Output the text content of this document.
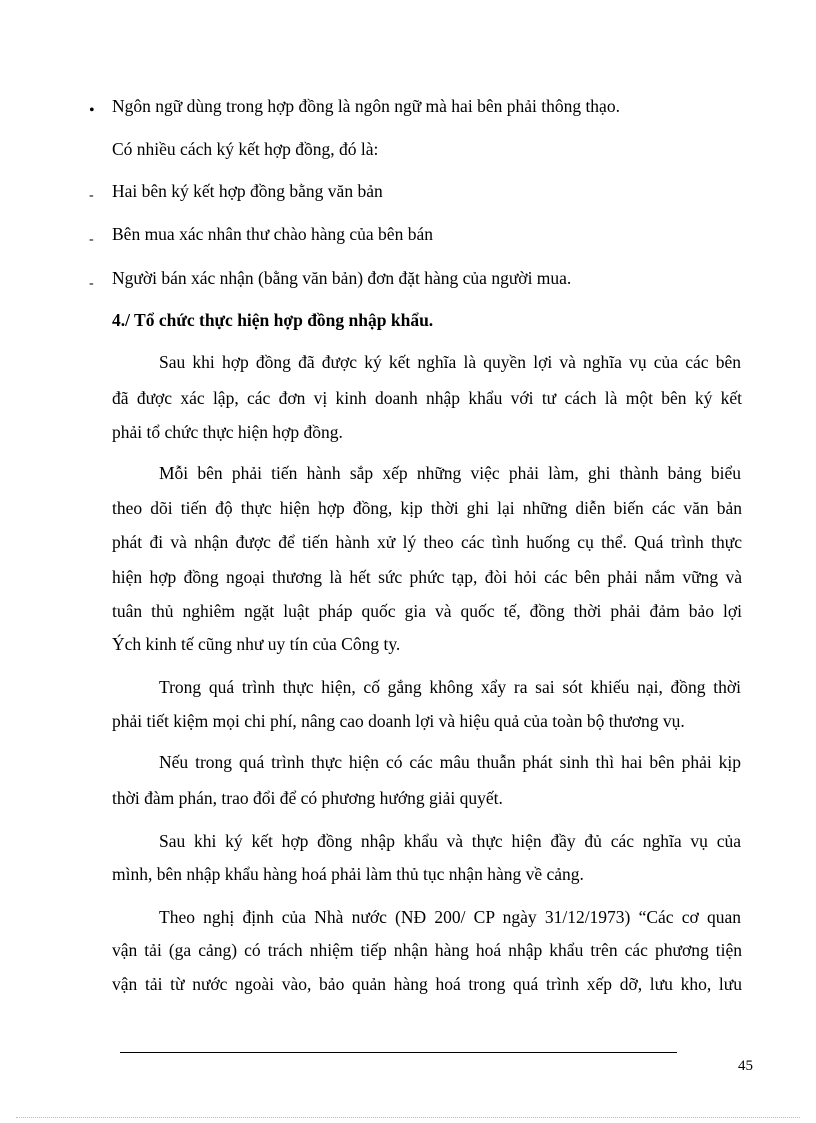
• Ngôn ngữ dùng trong hợp đồng là ngôn ngữ mà hai bên phải thông thạo.
Có nhiều cách ký kết hợp đồng, đó là:
- Hai bên ký kết hợp đồng bằng văn bản
- Bên mua xác nhân thư chào hàng của bên bán
- Người bán xác nhận (bằng văn bản) đơn đặt hàng của người mua.
4./ Tổ chức thực hiện hợp đồng nhập khẩu.
Sau khi hợp đồng đã được ký kết nghĩa là quyền lợi và nghĩa vụ của các bên
đã được xác lập, các đơn vị kinh doanh nhập khẩu với tư cách là một bên ký kết
phải tổ chức thực hiện hợp đồng.
Mỗi bên phải tiến hành sắp xếp những việc phải làm, ghi thành bảng biểu
theo dõi tiến độ thực hiện hợp đồng, kịp thời ghi lại những diễn biến các văn bản
phát đi và nhận được để tiến hành xử lý theo các tình huống cụ thể. Quá trình thực
hiện hợp đồng ngoại thương là hết sức phức tạp, đòi hỏi các bên phải nắm vững và
tuân thủ nghiêm ngặt luật pháp quốc gia và quốc tế, đồng thời phải đảm bảo lợi
Ých kinh tế cũng như uy tín của Công ty.
Trong quá trình thực hiện, cố gắng không xẩy ra sai sót khiếu nại, đồng thời
phải tiết kiệm mọi chi phí, nâng cao doanh lợi và hiệu quả của toàn bộ thương vụ.
Nếu trong quá trình thực hiện có các mâu thuẫn phát sinh thì hai bên phải kịp
thời đàm phán, trao đổi để có phương hướng giải quyết.
Sau khi ký kết hợp đồng nhập khẩu và thực hiện đầy đủ các nghĩa vụ của
mình, bên nhập khẩu hàng hoá phải làm thủ tục nhận hàng về cảng.
Theo nghị định của Nhà nước (NĐ 200/ CP ngày 31/12/1973) “Các cơ quan
vận tải (ga cảng) có trách nhiệm tiếp nhận hàng hoá nhập khẩu trên các phương tiện
vận tải từ nước ngoài vào, bảo quản hàng hoá trong quá trình xếp dỡ, lưu kho, lưu
45
